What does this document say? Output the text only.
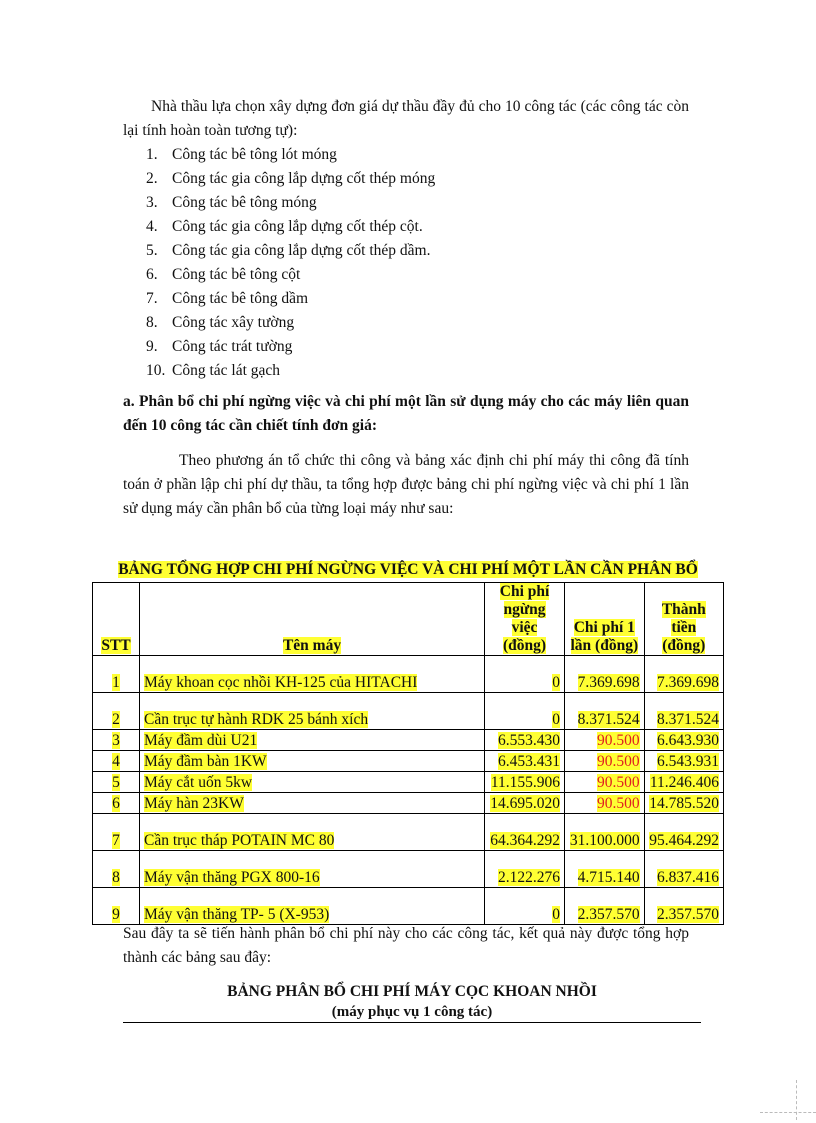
Nhà thầu lựa chọn xây dựng đơn giá dự thầu đầy đủ cho 10 công tác (các công tác còn lại tính hoàn toàn tương tự):
1. Công tác bê tông lót móng
2. Công tác gia công lắp dựng cốt thép móng
3. Công tác bê tông móng
4. Công tác gia công lắp dựng cốt thép cột.
5. Công tác gia công lắp dựng cốt thép dầm.
6. Công tác bê tông cột
7. Công tác bê tông dầm
8. Công tác xây tường
9. Công tác trát tường
10. Công tác lát gạch
a. Phân bổ chi phí ngừng việc và chi phí một lần sử dụng máy cho các máy liên quan đến 10 công tác cần chiết tính đơn giá:
Theo phương án tổ chức thi công và bảng xác định chi phí máy thi công đã tính toán ở phần lập chi phí dự thầu, ta tổng hợp được bảng chi phí ngừng việc và chi phí 1 lần sử dụng máy cần phân bổ của từng loại máy như sau:
BẢNG TỔNG HỢP CHI PHÍ NGỪNG VIỆC VÀ CHI PHÍ MỘT LẦN CẦN PHÂN BỔ
STT	Tên máy	Chi phí ngừng việc (đồng)	Chi phí 1 lần (đồng)	Thành tiền (đồng)
1	Máy khoan cọc nhồi KH-125 của HITACHI	0	7.369.698	7.369.698
2	Cần trục tự hành RDK 25 bánh xích	0	8.371.524	8.371.524
3	Máy đầm dùi U21	6.553.430	90.500	6.643.930
4	Máy đầm bàn 1KW	6.453.431	90.500	6.543.931
5	Máy cắt uốn 5kw	11.155.906	90.500	11.246.406
6	Máy hàn 23KW	14.695.020	90.500	14.785.520
7	Cần trục tháp POTAIN MC 80	64.364.292	31.100.000	95.464.292
8	Máy vận thăng PGX 800-16	2.122.276	4.715.140	6.837.416
9	Máy vận thăng TP- 5 (X-953)	0	2.357.570	2.357.570
Sau đây ta sẽ tiến hành phân bổ chi phí này cho các công tác, kết quả này được tổng hợp thành các bảng sau đây:
BẢNG PHÂN BỔ CHI PHÍ MÁY CỌC KHOAN NHỒI
(máy phục vụ 1 công tác)
